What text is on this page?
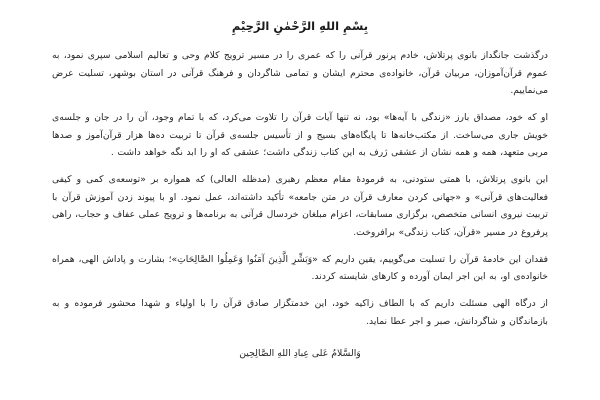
بِسْمِ اللهِ الرَّحْمٰنِ الرَّحِيْمِ

درگذشت جانگداز بانوی پرتلاش، خادم پرنور قرآنی را که عمری را در مسیر ترویج کلام وحی و تعالیم اسلامی سپری نمود، به عموم قرآن‌آموزان، مربیان قرآن، خانواده‌ی محترم ایشان و تمامی شاگردان و فرهنگ قرآنی در استان بوشهر، تسلیت عرض می‌نماییم.

او که خود، مصداق بارز «زندگی با آیه‌ها» بود، نه تنها آیات قرآن را تلاوت می‌کرد، که با تمام وجود، آن را در جان و جلسه‌ی خویش جاری می‌ساخت. از مکتب‌خانه‌ها تا پایگاه‌های بسیج و از تأسیس جلسه‌ی قرآن تا تربیت ده‌ها هزار قرآن‌آموز و صدها مربی متعهد، همه و همه نشان از عشقی ژرف به این کتاب زندگی داشت؛ عشقی که او را ابد نگه خواهد داشت .

این بانوی پرتلاش، با همتی ستودنی، به فرمودهٔ مقام معظم رهبری (مدظله العالی) که همواره بر «توسعه‌ی کمی و کیفی فعالیت‌های قرآنی» و «جهانی‌ کردن معارف قرآن در متن جامعه» تأکید داشته‌اند، عمل نمود. او با پیوند زدن آموزش قرآن با تربیت نیروی انسانی متخصص، برگزاری مسابقات، اعزام مبلغان خردسال قرآنی به برنامه‌ها و ترویج عملی عفاف و حجاب، راهی پرفروغ در مسیر «قرآن، کتاب زندگی» برافروخت.

فقدان این خادمهٔ قرآن را تسلیت می‌گوییم، یقین داریم که «وَبَشِّرِ الَّذِينَ آمَنُوا وَعَمِلُوا الصَّالِحَاتِ»؛ بشارت و پاداش الهی، همراه خانواده‌ی او، به این اجر ایمان آورده و کارهای شایسته کردند.

از درگاه الهی مسئلت داریم که با الطاف زاکیه خود، این خدمتگزار صادق قرآن را با اولیاء و شهدا محشور فرموده و به بازماندگان و شاگردانش، صبر و اجر عطا نماید.

وَالسَّلامُ عَلى عِبادِ اللهِ الصَّالِحِين
